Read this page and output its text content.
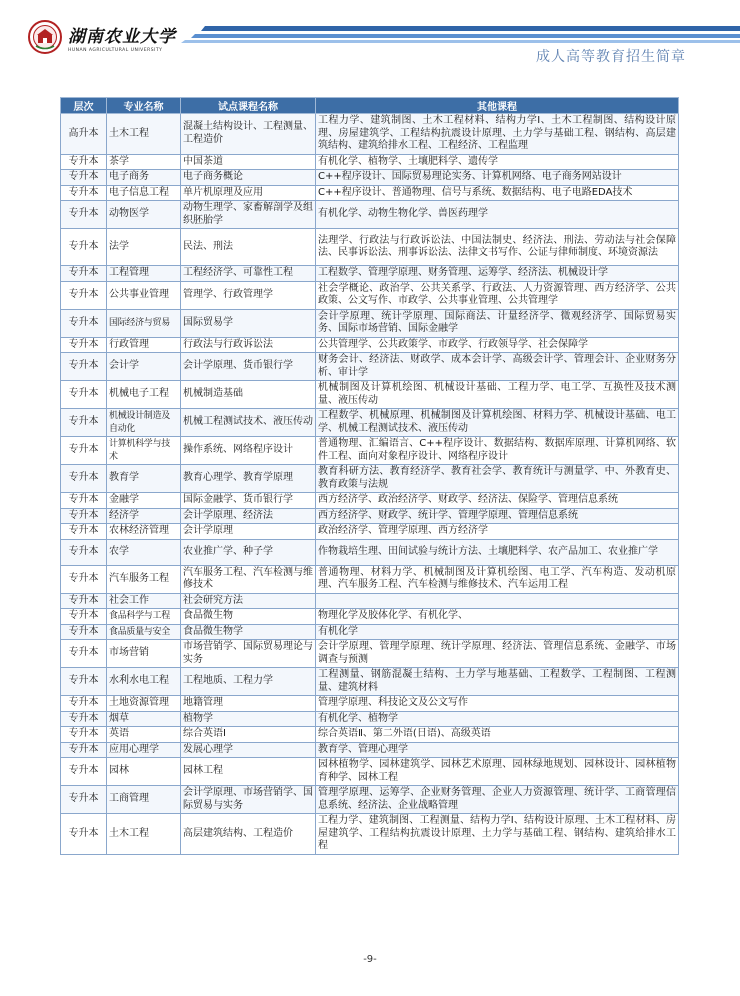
湖南农业大学
HUNAN AGRICULTURAL UNIVERSITY	成人高等教育招生简章
层次	专业名称	试点课程名称	其他课程
高升本	土木工程	混凝土结构设计、工程测量、工程造价	工程力学、建筑制图、土木工程材料、结构力学Ⅰ、土木工程制图、结构设计原理、房屋建筑学、工程结构抗震设计原理、土力学与基础工程、钢结构、高层建筑结构、建筑给排水工程、工程经济、工程监理
专升本	茶学	中国茶道	有机化学、植物学、土壤肥料学、遗传学
专升本	电子商务	电子商务概论	C++程序设计、国际贸易理论实务、计算机网络、电子商务网站设计
专升本	电子信息工程	单片机原理及应用	C++程序设计、普通物理、信号与系统、数据结构、电子电路EDA技术
专升本	动物医学	动物生理学、家畜解剖学及组织胚胎学	有机化学、动物生物化学、兽医药理学
专升本	法学	民法、刑法	法理学、行政法与行政诉讼法、中国法制史、经济法、刑法、劳动法与社会保障法、民事诉讼法、刑事诉讼法、法律文书写作、公证与律师制度、环境资源法
专升本	工程管理	工程经济学、可靠性工程	工程数学、管理学原理、财务管理、运筹学、经济法、机械设计学
专升本	公共事业管理	管理学、行政管理学	社会学概论、政治学、公共关系学、行政法、人力资源管理、西方经济学、公共政策、公文写作、市政学、公共事业管理、公共管理学
专升本	国际经济与贸易	国际贸易学	会计学原理、统计学原理、国际商法、计量经济学、微观经济学、国际贸易实务、国际市场营销、国际金融学
专升本	行政管理	行政法与行政诉讼法	公共管理学、公共政策学、市政学、行政领导学、社会保障学
专升本	会计学	会计学原理、货币银行学	财务会计、经济法、财政学、成本会计学、高级会计学、管理会计、企业财务分析、审计学
专升本	机械电子工程	机械制造基础	机械制图及计算机绘图、机械设计基础、工程力学、电工学、互换性及技术测量、液压传动
专升本	机械设计制造及自动化	机械工程测试技术、液压传动	工程数学、机械原理、机械制图及计算机绘图、材料力学、机械设计基础、电工学、机械工程测试技术、液压传动
专升本	计算机科学与技术	操作系统、网络程序设计	普通物理、汇编语言、C++程序设计、数据结构、数据库原理、计算机网络、软件工程、面向对象程序设计、网络程序设计
专升本	教育学	教育心理学、教育学原理	教育科研方法、教育经济学、教育社会学、教育统计与测量学、中、外教育史、教育政策与法规
专升本	金融学	国际金融学、货币银行学	西方经济学、政治经济学、财政学、经济法、保险学、管理信息系统
专升本	经济学	会计学原理、经济法	西方经济学、财政学、统计学、管理学原理、管理信息系统
专升本	农林经济管理	会计学原理	政治经济学、管理学原理、西方经济学
专升本	农学	农业推广学、种子学	作物栽培生理、田间试验与统计方法、土壤肥料学、农产品加工、农业推广学
专升本	汽车服务工程	汽车服务工程、汽车检测与维修技术	普通物理、材料力学、机械制图及计算机绘图、电工学、汽车构造、发动机原理、汽车服务工程、汽车检测与维修技术、汽车运用工程
专升本	社会工作	社会研究方法	
专升本	食品科学与工程	食品微生物	物理化学及胶体化学、有机化学、
专升本	食品质量与安全	食品微生物学	有机化学
专升本	市场营销	市场营销学、国际贸易理论与实务	会计学原理、管理学原理、统计学原理、经济法、管理信息系统、金融学、市场调查与预测
专升本	水利水电工程	工程地质、工程力学	工程测量、钢筋混凝土结构、土力学与地基础、工程数学、工程制图、工程测量、建筑材料
专升本	土地资源管理	地籍管理	管理学原理、科技论文及公文写作
专升本	烟草	植物学	有机化学、植物学
专升本	英语	综合英语Ⅰ	综合英语Ⅱ、第二外语(日语)、高级英语
专升本	应用心理学	发展心理学	教育学、管理心理学
专升本	园林	园林工程	园林植物学、园林建筑学、园林艺术原理、园林绿地规划、园林设计、园林植物育种学、园林工程
专升本	工商管理	会计学原理、市场营销学、国际贸易与实务	管理学原理、运筹学、企业财务管理、企业人力资源管理、统计学、工商管理信息系统、经济法、企业战略管理
专升本	土木工程	高层建筑结构、工程造价	工程力学、建筑制图、工程测量、结构力学Ⅰ、结构设计原理、土木工程材料、房屋建筑学、工程结构抗震设计原理、土力学与基础工程、钢结构、建筑给排水工程
-9-
